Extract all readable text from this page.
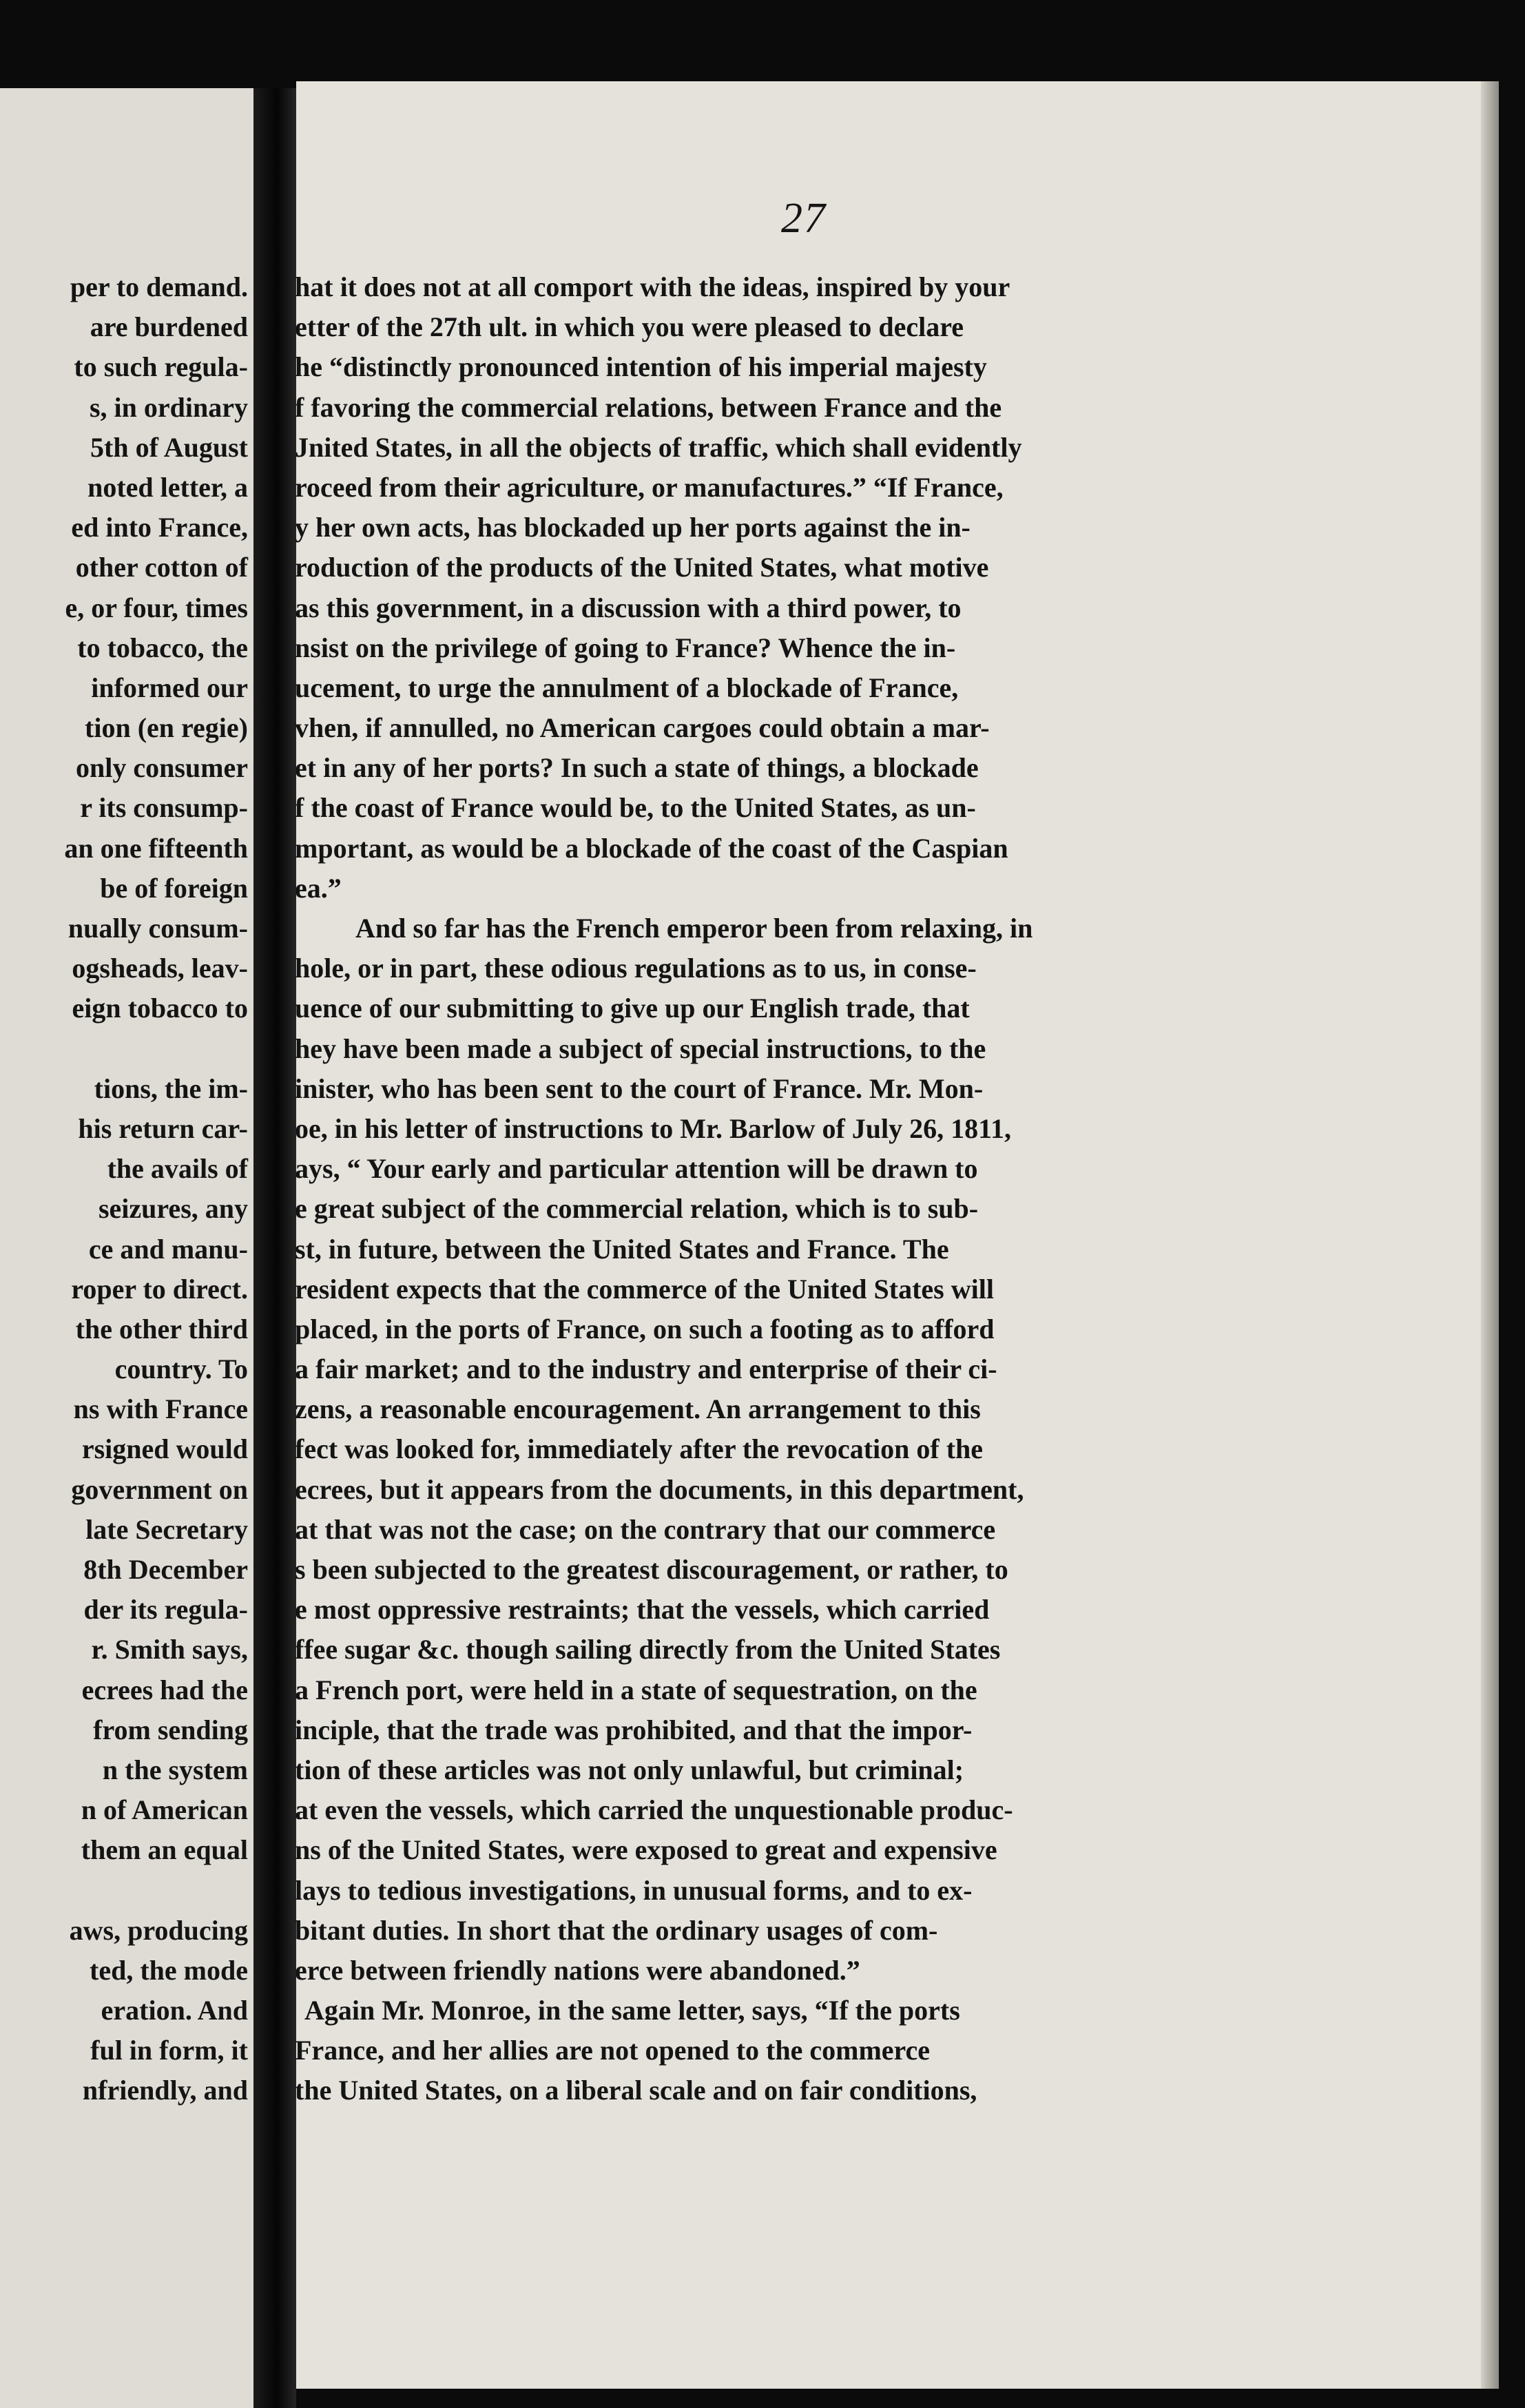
27
per to demand.
are burdened
to such regula-
s, in ordinary
5th of August
noted letter, a
ed into France,
other cotton of
e, or four, times
to tobacco, the
informed our
tion (en regie)
only consumer
r its consump-
an one fifteenth
be of foreign
nually consum-
ogsheads, leav-
eign tobacco to
tions, the im-
his return car-
the avails of
seizures, any
ce and manu-
roper to direct.
the other third
country. To
ns with France
rsigned would
government on
late Secretary
8th December
der its regula-
r. Smith says,
ecrees had the
from sending
n the system
n of American
them an equal
aws, producing
ted, the mode
eration. And
ful in form, it
nfriendly, and
hat it does not at all comport with the ideas, inspired by your
etter of the 27th ult. in which you were pleased to declare
he “distinctly pronounced intention of his imperial majesty
f favoring the commercial relations, between France and the
Jnited States, in all the objects of traffic, which shall evidently
roceed from their agriculture, or manufactures.” “If France,
y her own acts, has blockaded up her ports against the in-
roduction of the products of the United States, what motive
as this government, in a discussion with a third power, to
nsist on the privilege of going to France? Whence the in-
ucement, to urge the annulment of a blockade of France,
vhen, if annulled, no American cargoes could obtain a mar-
et in any of her ports? In such a state of things, a blockade
f the coast of France would be, to the United States, as un-
mportant, as would be a blockade of the coast of the Caspian
ea.”
And so far has the French emperor been from relaxing, in
hole, or in part, these odious regulations as to us, in conse-
uence of our submitting to give up our English trade, that
hey have been made a subject of special instructions, to the
inister, who has been sent to the court of France. Mr. Mon-
oe, in his letter of instructions to Mr. Barlow of July 26, 1811,
ays, “ Your early and particular attention will be drawn to
e great subject of the commercial relation, which is to sub-
st, in future, between the United States and France. The
resident expects that the commerce of the United States will
placed, in the ports of France, on such a footing as to afford
a fair market; and to the industry and enterprise of their ci-
zens, a reasonable encouragement. An arrangement to this
fect was looked for, immediately after the revocation of the
ecrees, but it appears from the documents, in this department,
at that was not the case; on the contrary that our commerce
s been subjected to the greatest discouragement, or rather, to
e most oppressive restraints; that the vessels, which carried
ffee sugar &c. though sailing directly from the United States
a French port, were held in a state of sequestration, on the
inciple, that the trade was prohibited, and that the impor-
tion of these articles was not only unlawful, but criminal;
at even the vessels, which carried the unquestionable produc-
ns of the United States, were exposed to great and expensive
lays to tedious investigations, in unusual forms, and to ex-
bitant duties. In short that the ordinary usages of com-
erce between friendly nations were abandoned.”
Again Mr. Monroe, in the same letter, says, “If the ports
France, and her allies are not opened to the commerce
the United States, on a liberal scale and on fair conditions,
